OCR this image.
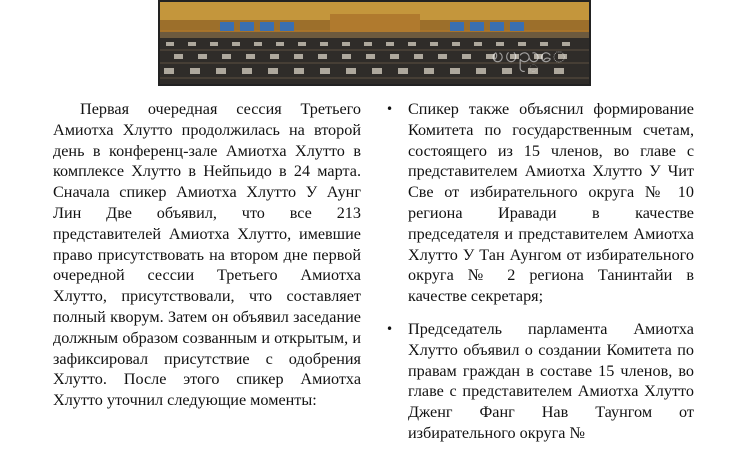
ၿပည္ေ

Первая очередная сессия Третьего Амиотха Хлутто продолжилась на второй день в конференц-зале Амиотха Хлутто в комплексе Хлутто в Нейпьидо в 24 марта. Сначала спикер Амиотха Хлутто У Аунг Лин Две объявил, что все 213 представителей Амиотха Хлутто, имевшие право присутствовать на втором дне первой очередной сессии Третьего Амиотха Хлутто, присутствовали, что составляет полный кворум. Затем он объявил заседание должным образом созванным и открытым, и зафиксировал присутствие с одобрения Хлутто. После этого спикер Амиотха Хлутто уточнил следующие моменты:

• Спикер также объяснил формирование Комитета по государственным счетам, состоящего из 15 членов, во главе с представителем Амиотха Хлутто У Чит Све от избирательного округа № 10 региона Иравади в качестве председателя и представителем Амиотха Хлутто У Тан Аунгом от избирательного округа № 2 региона Танинтайи в качестве секретаря;
• Председатель парламента Амиотха Хлутто объявил о создании Комитета по правам граждан в составе 15 членов, во главе с представителем Амиотха Хлутто Дженг Фанг Нав Таунгом от избирательного округа №
